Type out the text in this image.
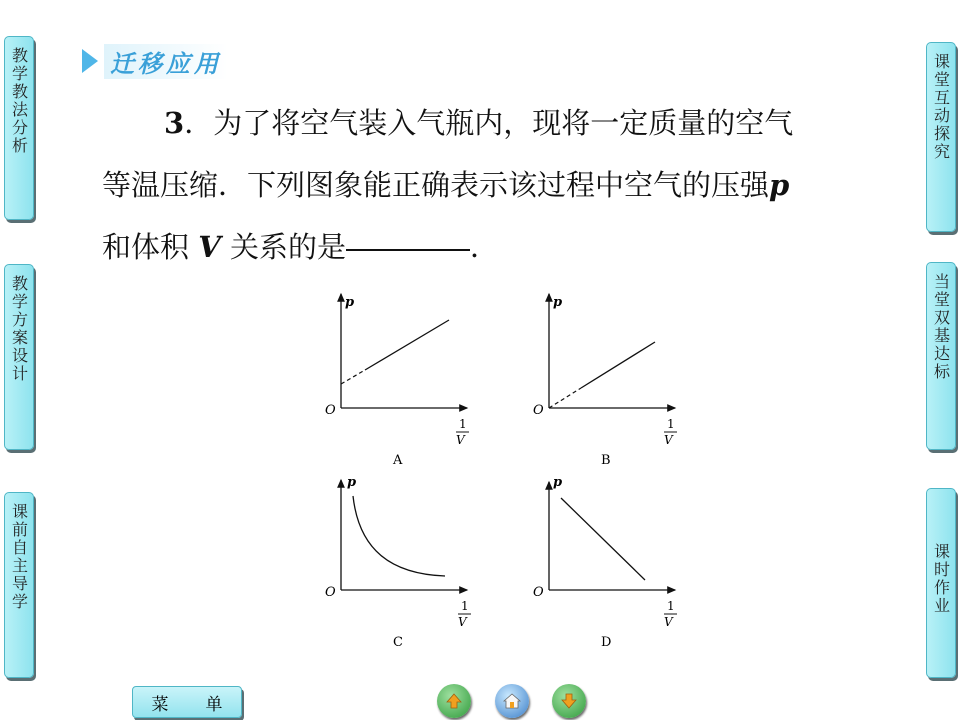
教学教法分析
教学方案设计
课前自主导学
课堂互动探究
当堂双基达标
课时作业
迁移应用
3．为了将空气装入气瓶内，现将一定质量的空气
等温压缩．下列图象能正确表示该过程中空气的压强p
和体积 V 关系的是	．
p
O
1
V
A
p
O
1
V
B
p
O
1
V
C
p
O
1
V
D
菜 单
